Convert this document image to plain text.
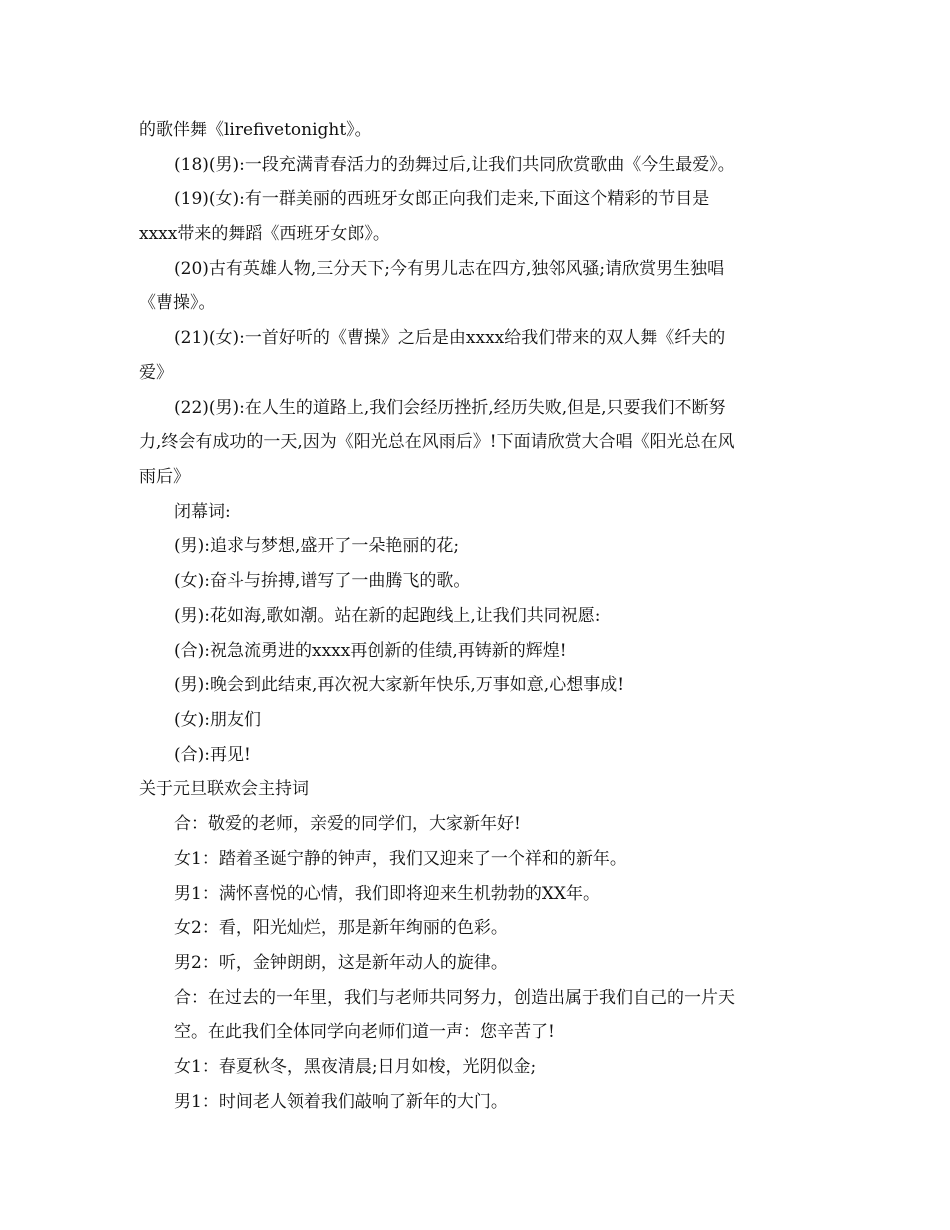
的歌伴舞《lirefivetonight》。
(18)(男):一段充满青春活力的劲舞过后,让我们共同欣赏歌曲《今生最爱》。
(19)(女):有一群美丽的西班牙女郎正向我们走来,下面这个精彩的节目是
xxxx带来的舞蹈《西班牙女郎》。
(20)古有英雄人物,三分天下;今有男儿志在四方,独邻风骚;请欣赏男生独唱
《曹操》。
(21)(女):一首好听的《曹操》之后是由xxxx给我们带来的双人舞《纤夫的
爱》
(22)(男):在人生的道路上,我们会经历挫折,经历失败,但是,只要我们不断努
力,终会有成功的一天,因为《阳光总在风雨后》!下面请欣赏大合唱《阳光总在风
雨后》
闭幕词:
(男):追求与梦想,盛开了一朵艳丽的花;
(女):奋斗与拚搏,谱写了一曲腾飞的歌。
(男):花如海,歌如潮。站在新的起跑线上,让我们共同祝愿:
(合):祝急流勇进的xxxx再创新的佳绩,再铸新的辉煌!
(男):晚会到此结束,再次祝大家新年快乐,万事如意,心想事成!
(女):朋友们
(合):再见!
关于元旦联欢会主持词
合：敬爱的老师，亲爱的同学们，大家新年好!
女1：踏着圣诞宁静的钟声，我们又迎来了一个祥和的新年。
男1：满怀喜悦的心情，我们即将迎来生机勃勃的XX年。
女2：看，阳光灿烂，那是新年绚丽的色彩。
男2：听，金钟朗朗，这是新年动人的旋律。
合：在过去的一年里，我们与老师共同努力，创造出属于我们自己的一片天
空。在此我们全体同学向老师们道一声：您辛苦了!
女1：春夏秋冬，黑夜清晨;日月如梭，光阴似金;
男1：时间老人领着我们敲响了新年的大门。
